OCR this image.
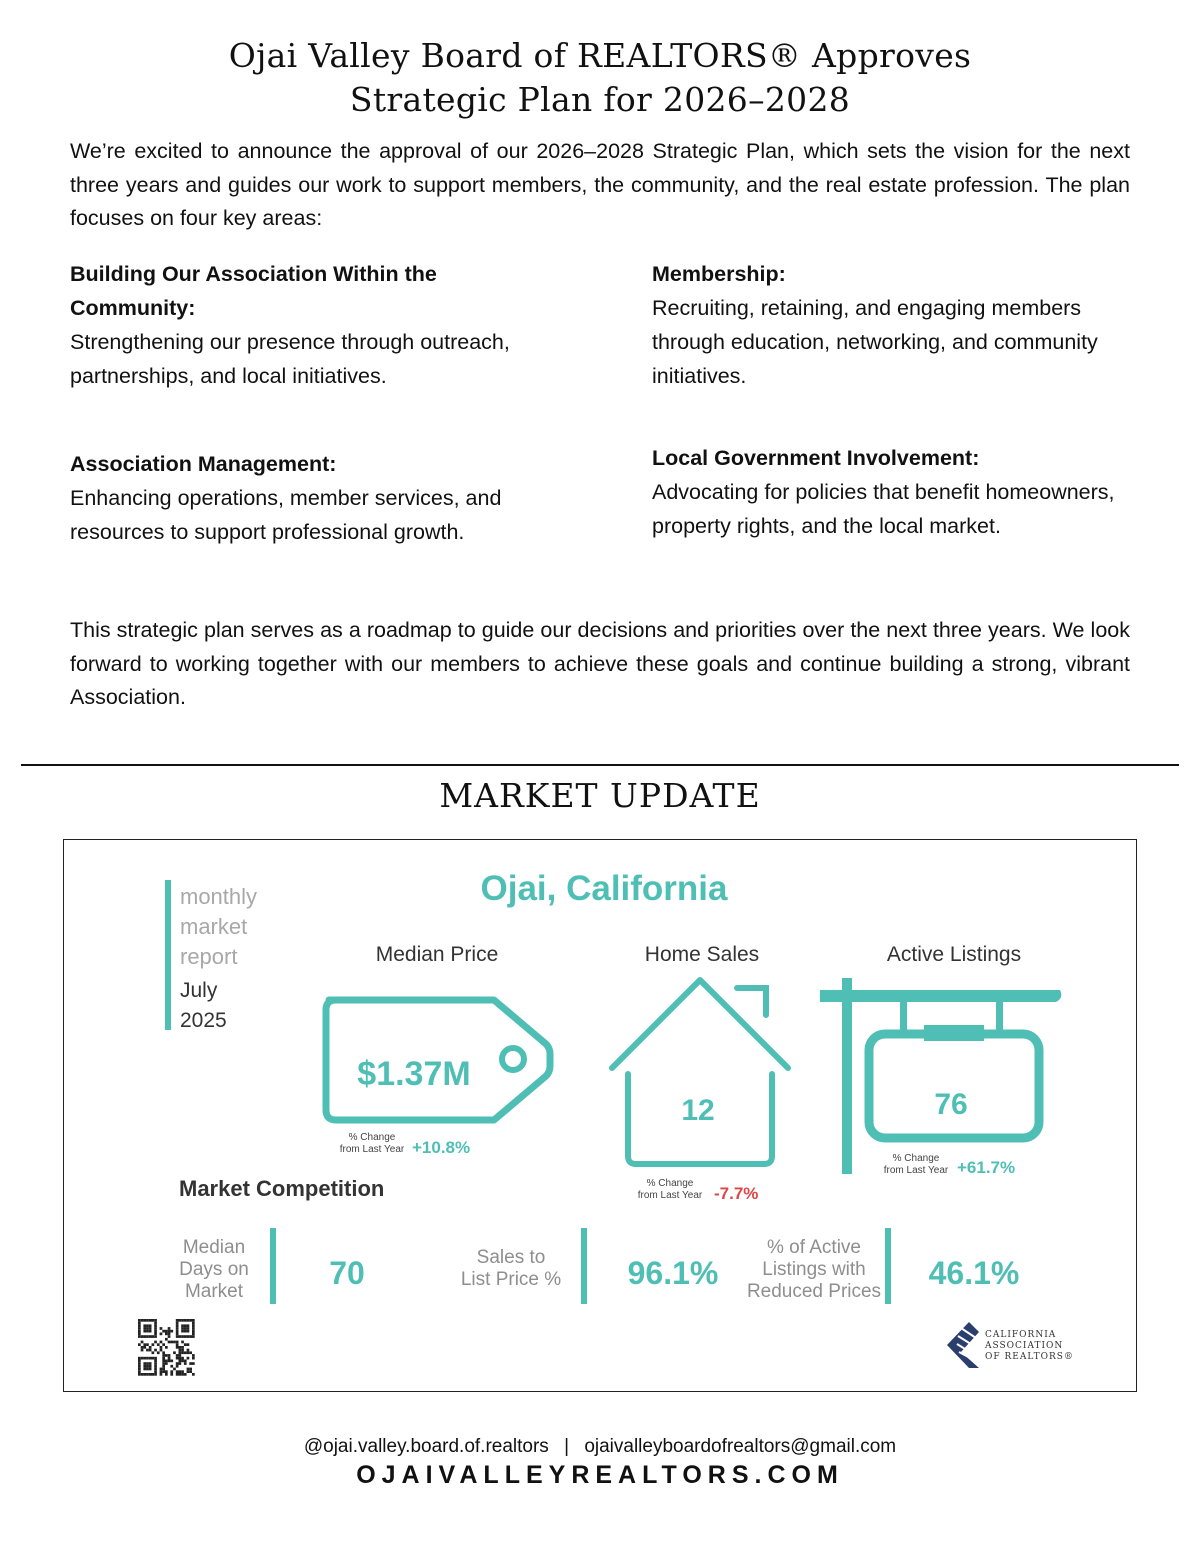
Ojai Valley Board of REALTORS® Approves
Strategic Plan for 2026–2028
We’re excited to announce the approval of our 2026–2028 Strategic Plan, which sets the vision for the next three years and guides our work to support members, the community, and the real estate profession. The plan focuses on four key areas:
Building Our Association Within the Community:
Strengthening our presence through outreach, partnerships, and local initiatives.
Membership:
Recruiting, retaining, and engaging members through education, networking, and community initiatives.
Association Management:
Enhancing operations, member services, and resources to support professional growth.
Local Government Involvement:
Advocating for policies that benefit homeowners, property rights, and the local market.
This strategic plan serves as a roadmap to guide our decisions and priorities over the next three years. We look forward to working together with our members to achieve these goals and continue building a strong, vibrant Association.
MARKET UPDATE
monthly
market
report
July
2025
Ojai, California
Median Price	Home Sales	Active Listings
$1.37M
% Change
from Last Year +10.8%
12
% Change
from Last Year -7.7%
76
% Change
from Last Year +61.7%
Market Competition
Median
Days on
Market
70	Sales to
List Price % 96.1%
% of Active
Listings with
Reduced Prices
46.1%
CALIFORNIA
ASSOCIATION
OF REALTORS®
@ojai.valley.board.of.realtors | ojaivalleyboardofrealtors@gmail.com
OJAIVALLEYREALTORS.COM
